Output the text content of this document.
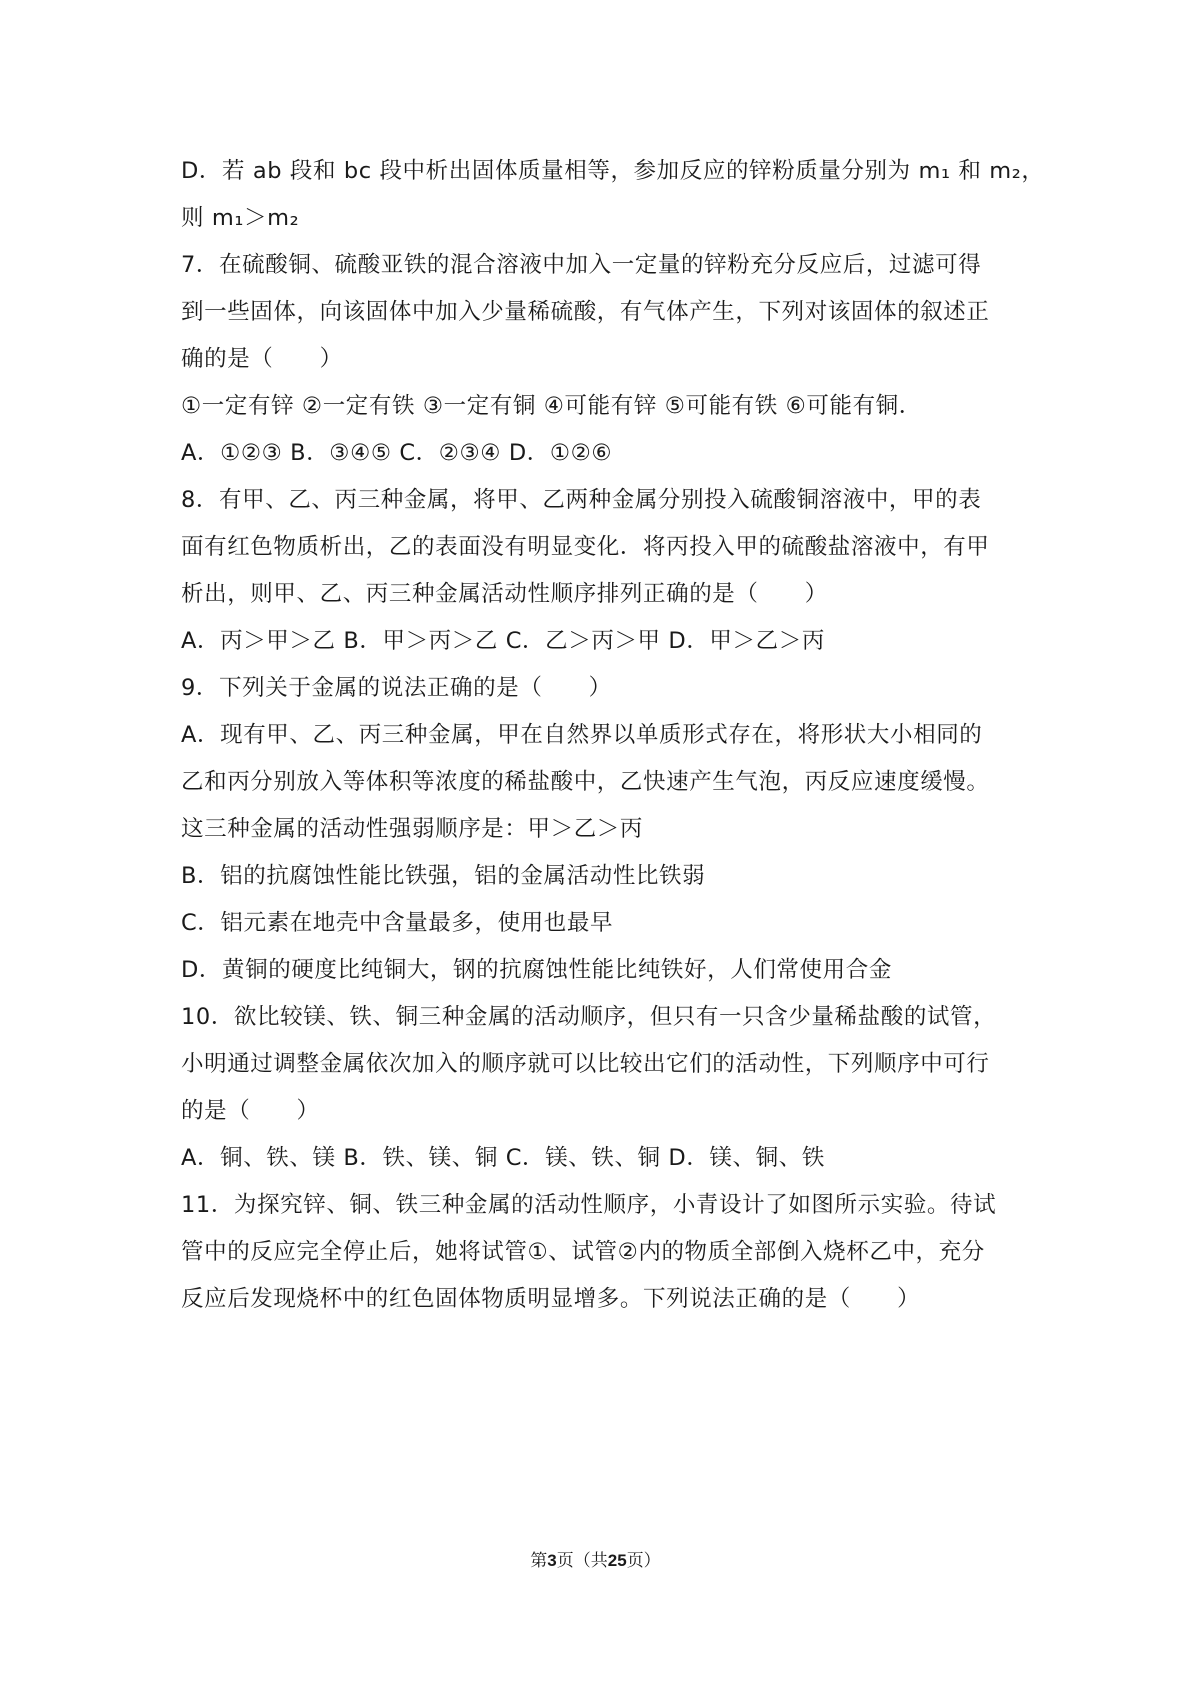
D．若 ab 段和 bc 段中析出固体质量相等，参加反应的锌粉质量分别为 m₁ 和 m₂，
则 m₁＞m₂
7．在硫酸铜、硫酸亚铁的混合溶液中加入一定量的锌粉充分反应后，过滤可得
到一些固体，向该固体中加入少量稀硫酸，有气体产生，下列对该固体的叙述正
确的是（　　）
①一定有锌 ②一定有铁 ③一定有铜 ④可能有锌 ⑤可能有铁 ⑥可能有铜．
A．①②③ B．③④⑤ C．②③④ D．①②⑥
8．有甲、乙、丙三种金属，将甲、乙两种金属分别投入硫酸铜溶液中，甲的表
面有红色物质析出，乙的表面没有明显变化．将丙投入甲的硫酸盐溶液中，有甲
析出，则甲、乙、丙三种金属活动性顺序排列正确的是（　　）
A．丙＞甲＞乙 B．甲＞丙＞乙 C．乙＞丙＞甲 D．甲＞乙＞丙
9．下列关于金属的说法正确的是（　　）
A．现有甲、乙、丙三种金属，甲在自然界以单质形式存在，将形状大小相同的
乙和丙分别放入等体积等浓度的稀盐酸中，乙快速产生气泡，丙反应速度缓慢。
这三种金属的活动性强弱顺序是：甲＞乙＞丙
B．铝的抗腐蚀性能比铁强，铝的金属活动性比铁弱
C．铝元素在地壳中含量最多，使用也最早
D．黄铜的硬度比纯铜大，钢的抗腐蚀性能比纯铁好，人们常使用合金
10．欲比较镁、铁、铜三种金属的活动顺序，但只有一只含少量稀盐酸的试管，
小明通过调整金属依次加入的顺序就可以比较出它们的活动性，下列顺序中可行
的是（　　）
A．铜、铁、镁 B．铁、镁、铜 C．镁、铁、铜 D．镁、铜、铁
11．为探究锌、铜、铁三种金属的活动性顺序，小青设计了如图所示实验。待试
管中的反应完全停止后，她将试管①、试管②内的物质全部倒入烧杯乙中，充分
反应后发现烧杯中的红色固体物质明显增多。下列说法正确的是（　　）
第3页（共25页）
